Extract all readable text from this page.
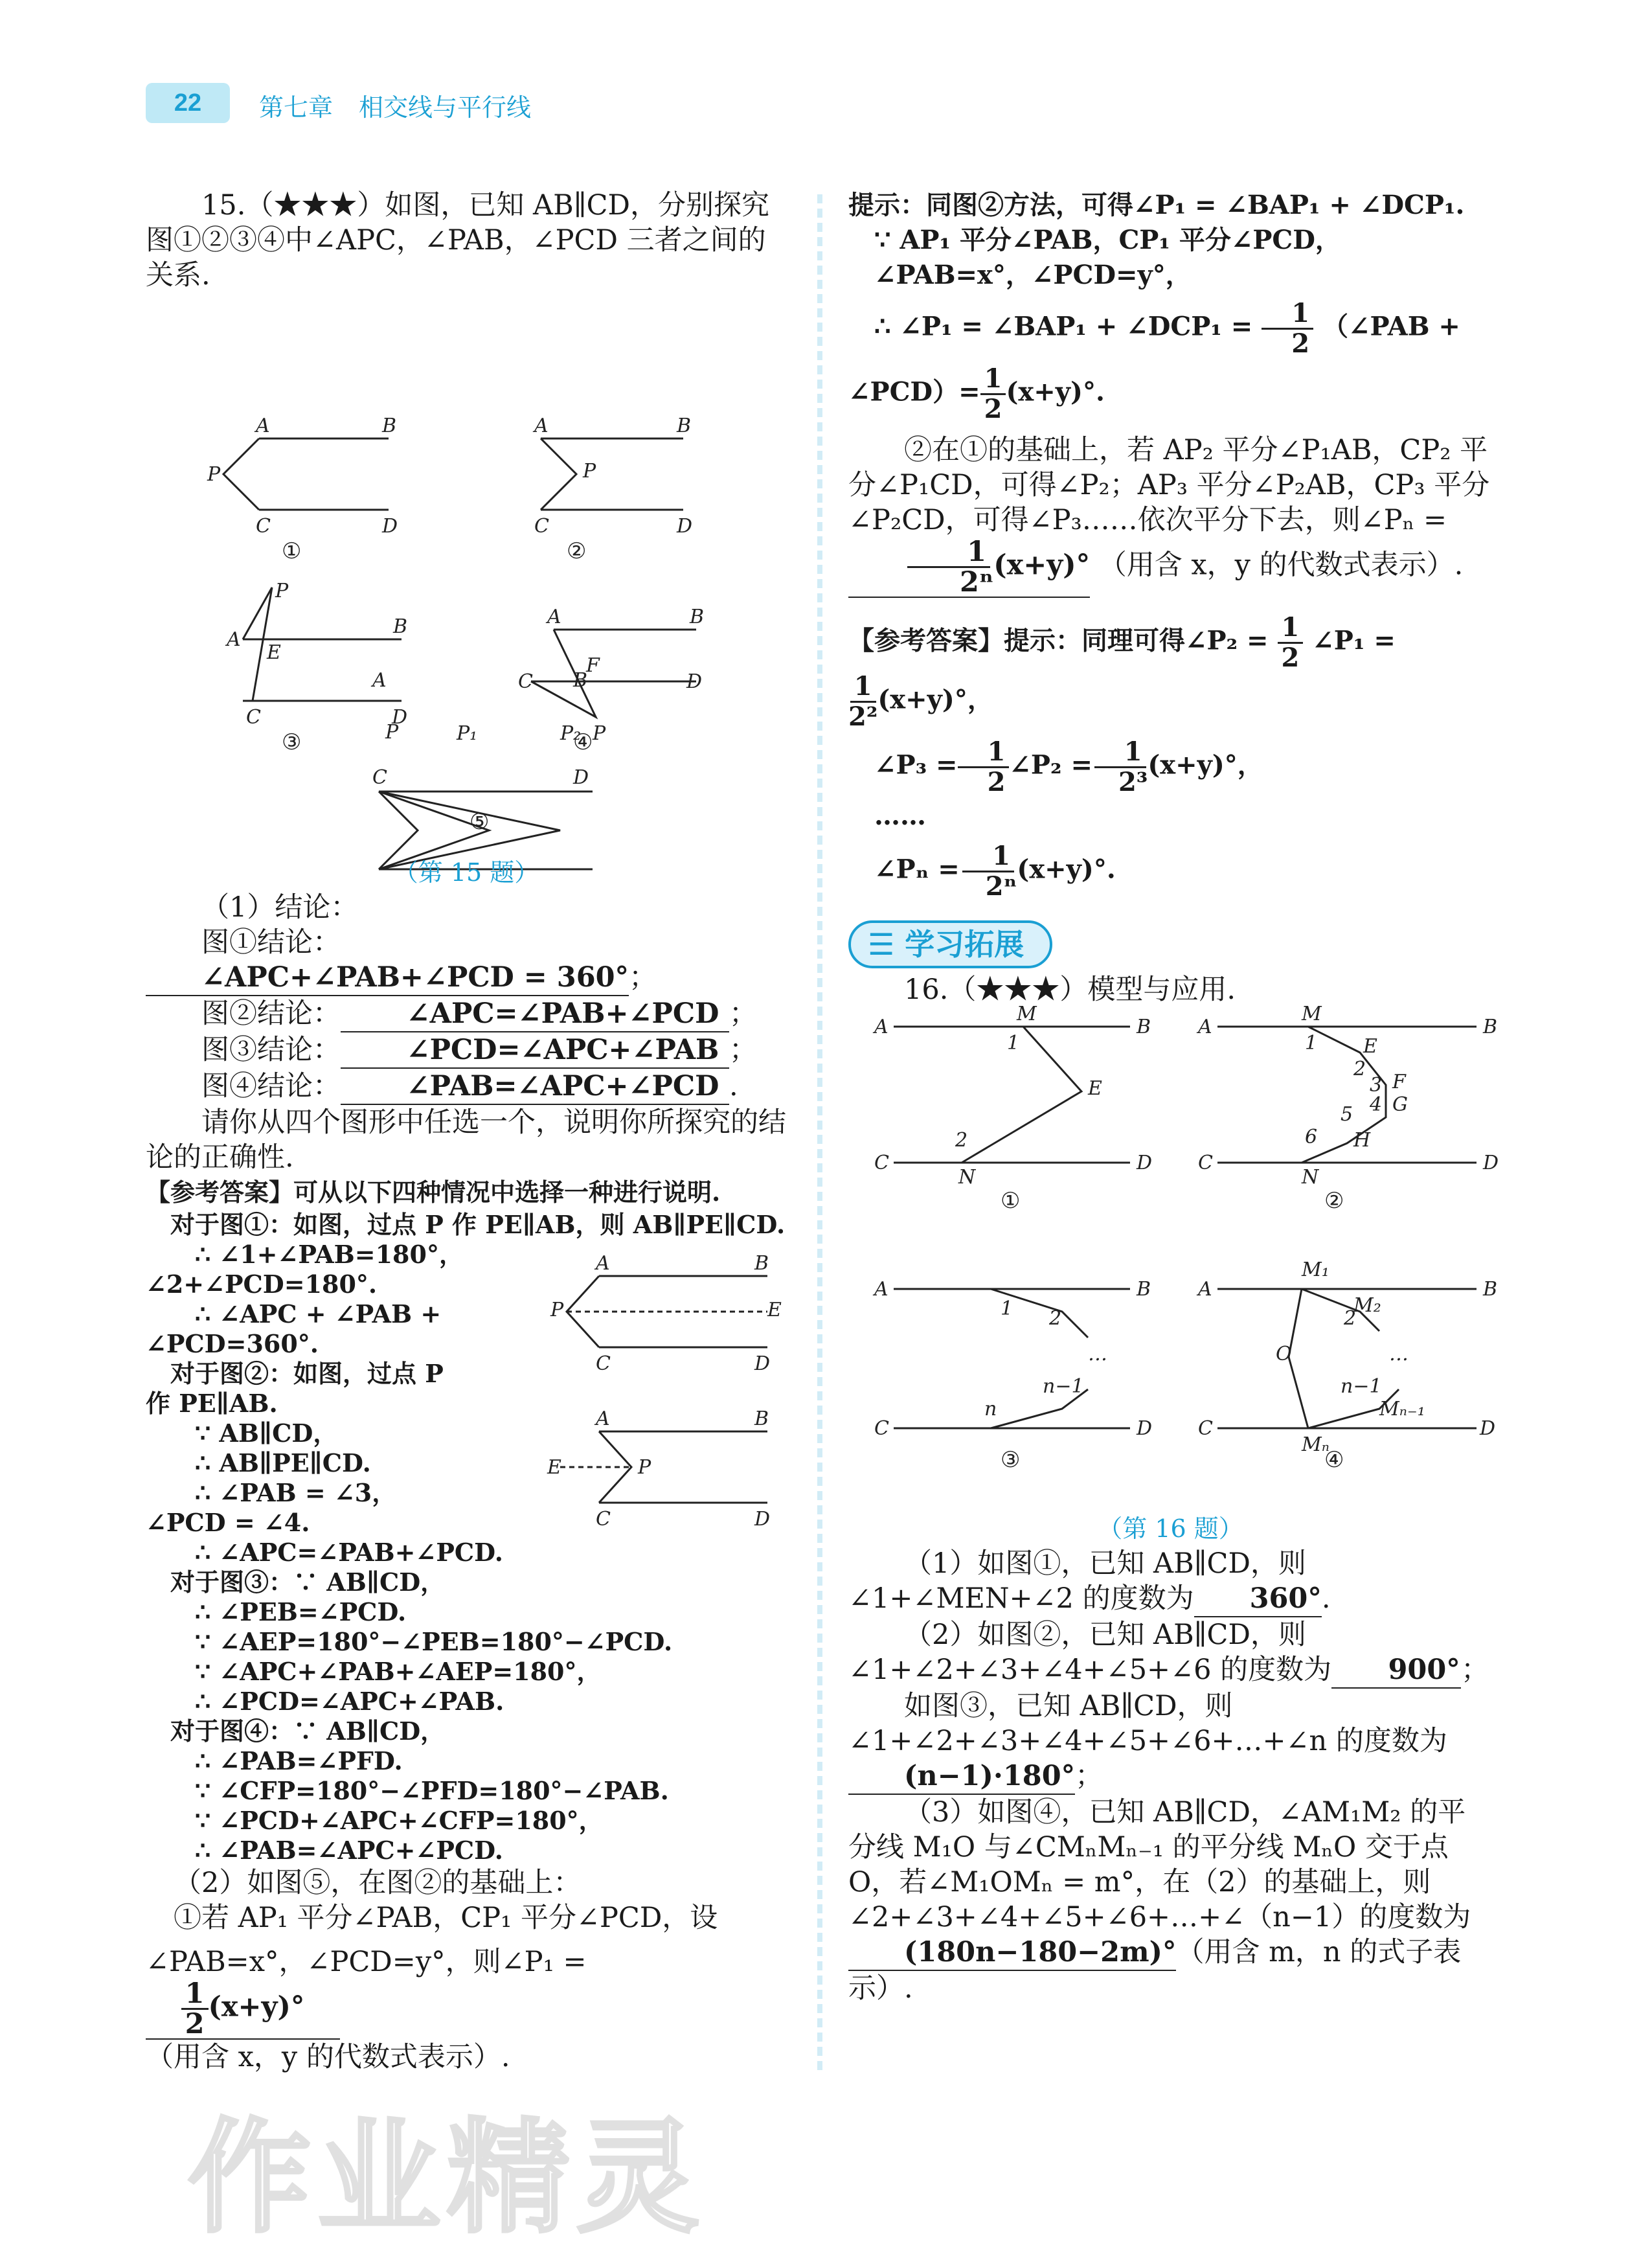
22	第七章 相交线与平行线

15.（★★★）如图，已知 AB∥CD，分别探究图①②③④中∠APC，∠PAB，∠PCD 三者之间的关系.

A	B
P
C	D
A	B
P
C	D
P
A
B
E
C	D
A	B
C
F
D
P
①	②
③	④
A	B
P	P₁	P₂
C	D
⑤

（第 15 题）

（1）结论：

图①结论：∠APC+∠PAB+∠PCD = 360°；

图②结论： ∠APC=∠PAB+∠PCD ；

图③结论： ∠PCD=∠APC+∠PAB ；

图④结论： ∠PAB=∠APC+∠PCD .

请你从四个图形中任选一个，说明你所探究的结论的正确性.

【参考答案】可从以下四种情况中选择一种进行说明.

对于图①：如图，过点 P 作 PE∥AB，则 AB∥PE∥CD.

∴ ∠1+∠PAB=180°，

∠2+∠PCD=180°.

∴ ∠APC + ∠PAB +

∠PCD=360°.

对于图②：如图，过点 P

作 PE∥AB.

∵ AB∥CD，

∴ AB∥PE∥CD.

∴ ∠PAB = ∠3，

∠PCD = ∠4.

∴ ∠APC=∠PAB+∠PCD.

对于图③：∵ AB∥CD，

∴ ∠PEB=∠PCD.

∵ ∠AEP=180°−∠PEB=180°−∠PCD.

∵ ∠APC+∠PAB+∠AEP=180°，

∴ ∠PCD=∠APC+∠PAB.

对于图④：∵ AB∥CD，

∴ ∠PAB=∠PFD.

∵ ∠CFP=180°−∠PFD=180°−∠PAB.

∵ ∠PCD+∠APC+∠CFP=180°，

∴ ∠PAB=∠APC+∠PCD.

（2）如图⑤，在图②的基础上：

①若 AP₁ 平分∠PAB，CP₁ 平分∠PCD，设

∠PAB=x°，∠PCD=y°，则∠P₁ =
$\frac{1}{2} (x+y)^\circ$

（用含 x，y 的代数式表示）.

A	B
P	E
C	D
A	B
E	P
C	D

提示：同图②方法，可得∠P₁ = ∠BAP₁ + ∠DCP₁.

∵ AP₁ 平分∠PAB，CP₁ 平分∠PCD，

∠PAB=x°，∠PCD=y°，

∴ ∠P₁ = ∠BAP₁ + ∠DCP₁ = $\frac{1}{2}$ （∠PAB +

∠PCD）= $\frac{1}{2} (x+y)^\circ$.

②在①的基础上，若 AP₂ 平分∠P₁AB，CP₂ 平分∠P₁CD，可得∠P₂；AP₃ 平分∠P₂AB，CP₃ 平分∠P₂CD，可得∠P₃……依次平分下去，则∠Pₙ =
$\frac{1}{\text{2ⁿ}} (x+y)^\circ$ （用含 x，y 的代数式表示）.

【参考答案】提示：同理可得∠P₂ = $\frac{1}{2}$ ∠P₁ =

$\frac{1}{\text{2²}} (x+y)^\circ$，

∠P₃ = $\frac{1}{2}$ ∠P₂ = $\frac{1}{\text{2³}} (x+y)^\circ$，

……

∠Pₙ = $\frac{1}{\text{2ⁿ}} (x+y)^\circ$.

☰ 学习拓展

16.（★★★）模型与应用.

A	B
M
1
E
2
N
C	D
A	B
M
1 E
2
3 F
4 G
5
H
6
N
C	D
A	B
1 2
…
n
n−1
C	D
A	B
M₁
M₂
2
O	…
n−1
Mₙ₋₁
D
Mₙ
C
①	②
③	④

（第 16 题）

（1）如图①，已知 AB∥CD，则∠1+∠MEN+∠2 的度数为 360°.

（2）如图②，已知 AB∥CD，则∠1+∠2+∠3+∠4+∠5+∠6 的度数为 900°；

如图③，已知 AB∥CD，则∠1+∠2+∠3+∠4+∠5+∠6+…+∠n 的度数为(n−1)·180°；

（3）如图④，已知 AB∥CD，∠AM₁M₂ 的平分线 M₁O 与∠CMₙMₙ₋₁ 的平分线 MₙO 交于点 O，若∠M₁OMₙ = m°，在（2）的基础上，则∠2+∠3+∠4+∠5+∠6+…+∠（n−1）的度数为(180n−180−2m)°（用含 m，n 的式子表示）.

作业精灵
